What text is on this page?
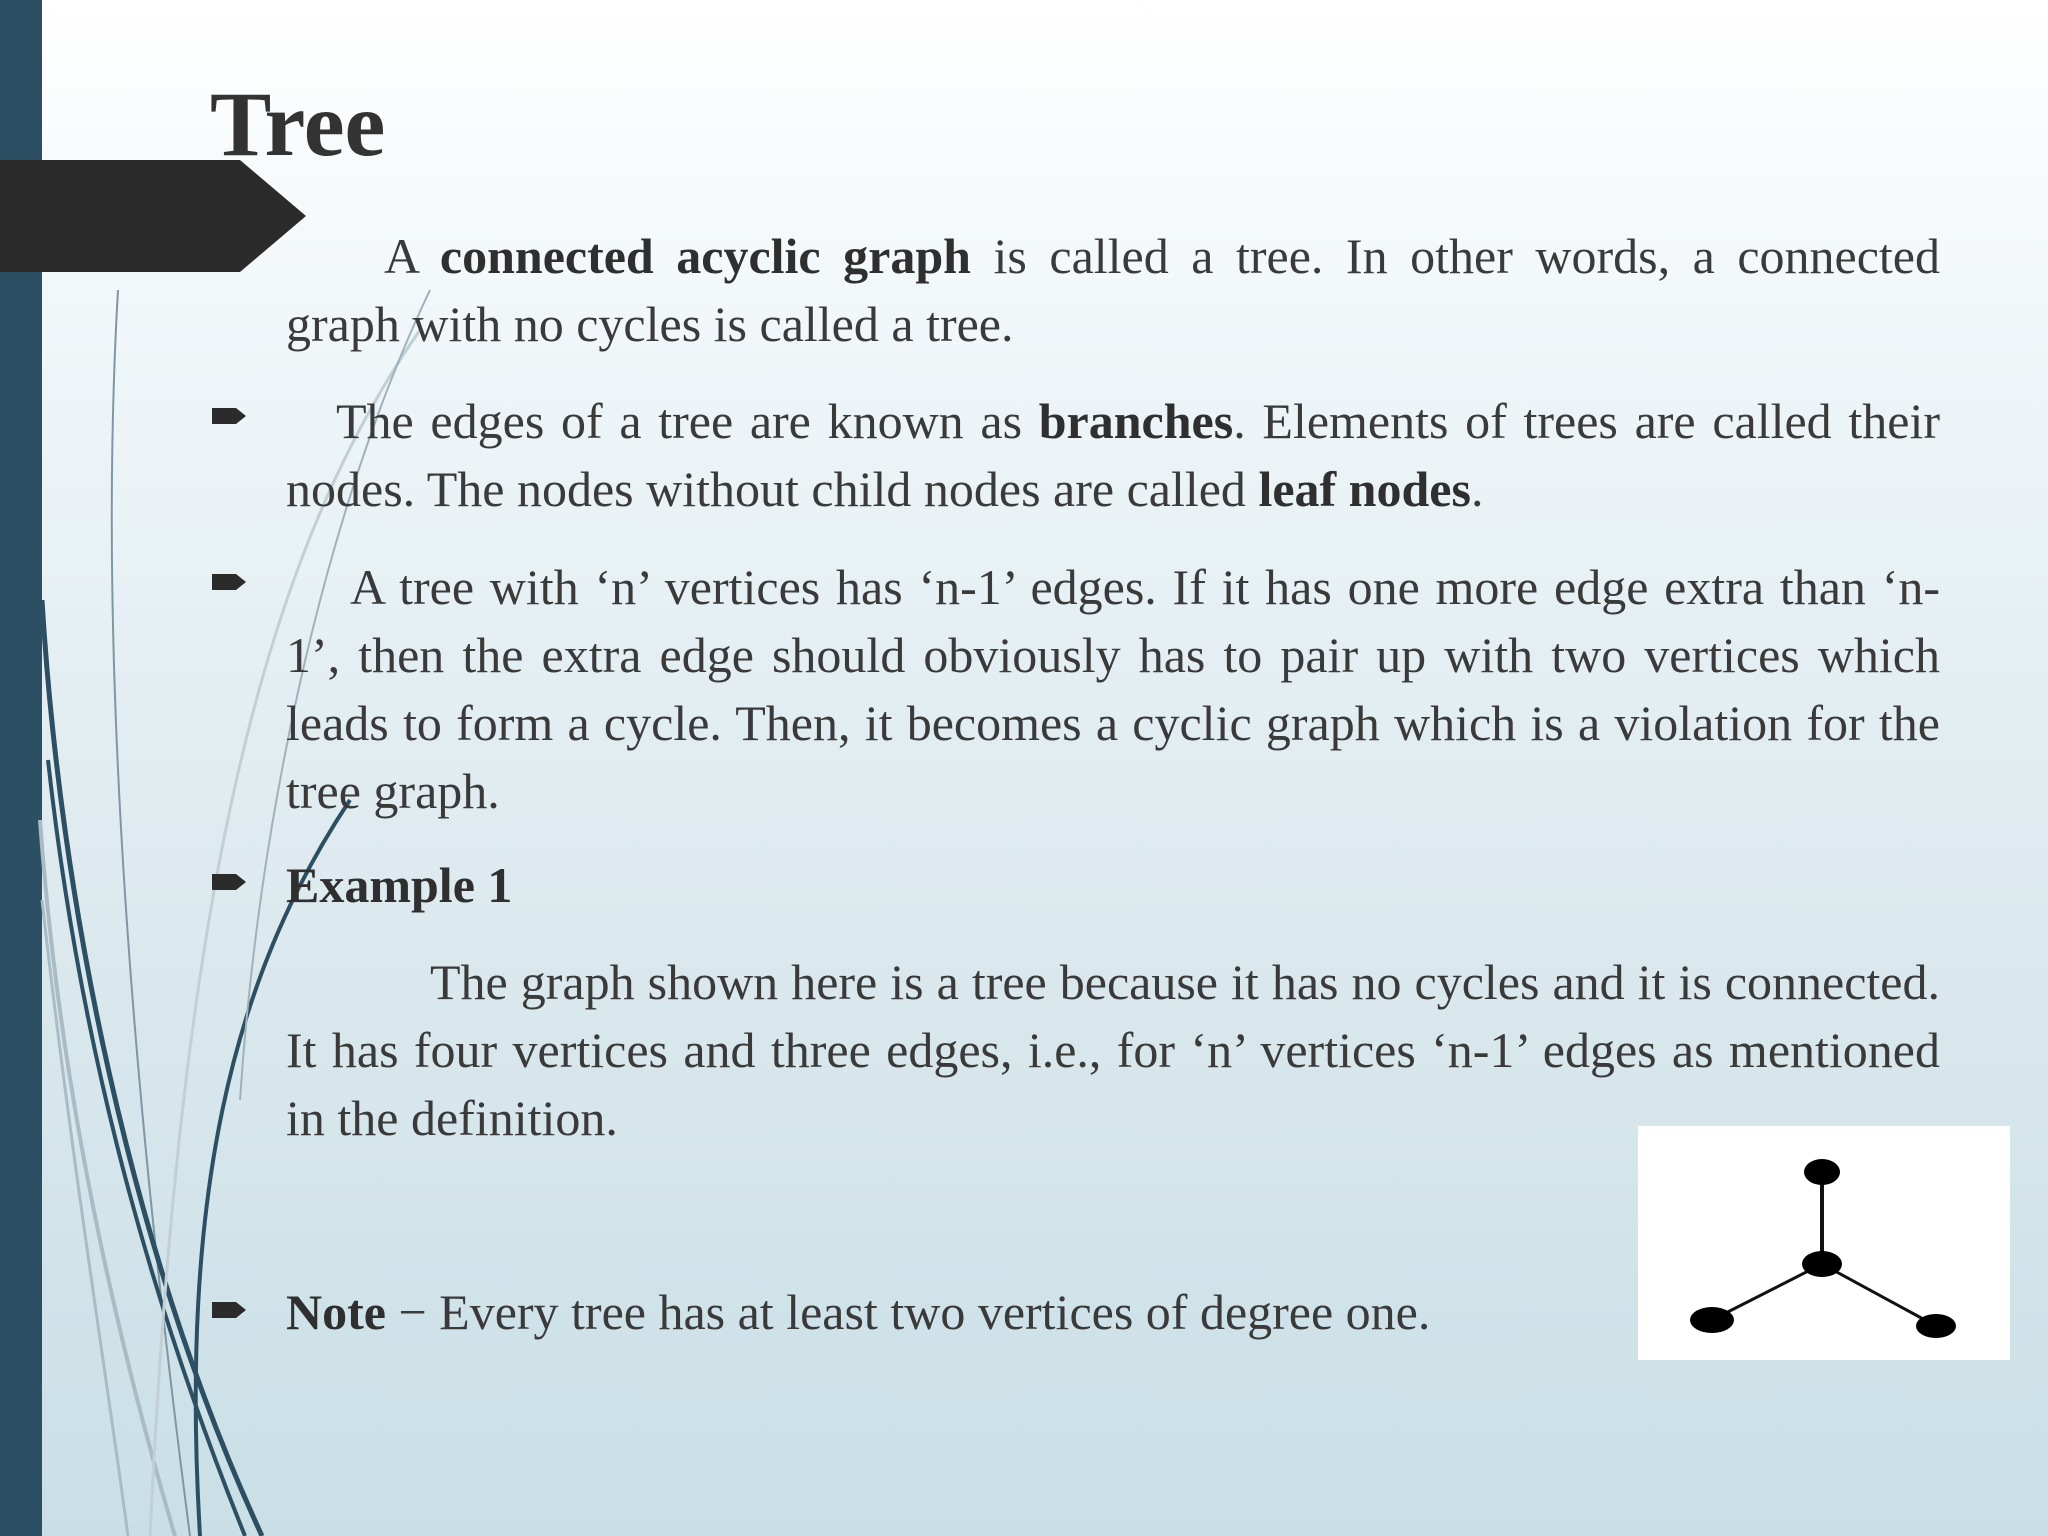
Tree

A connected acyclic graph is called a tree. In other words, a connected graph with no cycles is called a tree.

The edges of a tree are known as branches. Elements of trees are called their nodes. The nodes without child nodes are called leaf nodes.

A tree with ‘n’ vertices has ‘n-1’ edges. If it has one more edge extra than ‘n-1’, then the extra edge should obviously has to pair up with two vertices which leads to form a cycle. Then, it becomes a cyclic graph which is a violation for the tree graph.

Example 1

The graph shown here is a tree because it has no cycles and it is connected. It has four vertices and three edges, i.e., for ‘n’ vertices ‘n-1’ edges as mentioned in the definition.

Note − Every tree has at least two vertices of degree one.
